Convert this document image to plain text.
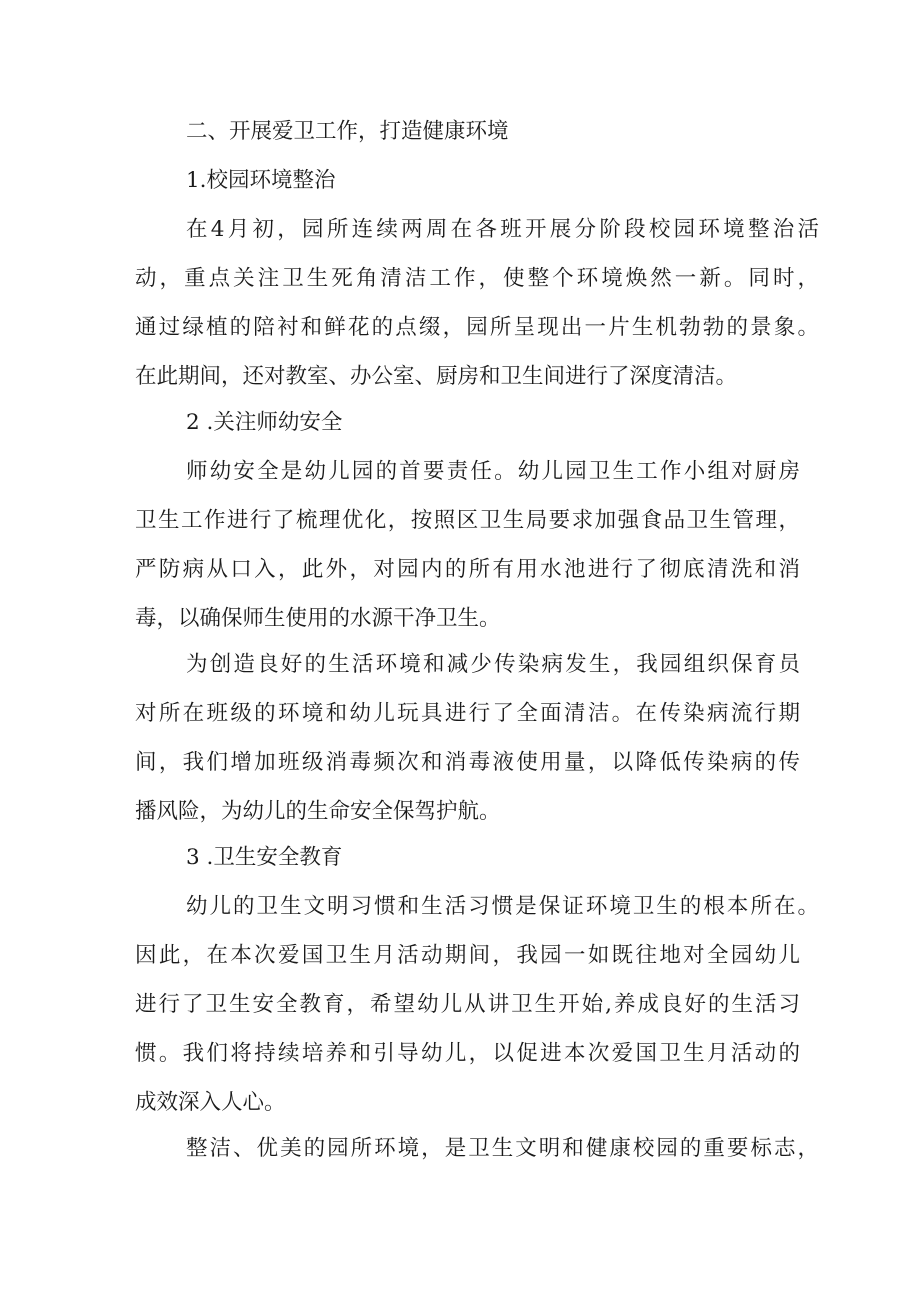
二、开展爱卫工作，打造健康环境
1.校园环境整治
在4月初，园所连续两周在各班开展分阶段校园环境整治活
动，重点关注卫生死角清洁工作，使整个环境焕然一新。同时，
通过绿植的陪衬和鲜花的点缀，园所呈现出一片生机勃勃的景象。
在此期间，还对教室、办公室、厨房和卫生间进行了深度清洁。
2 .关注师幼安全
师幼安全是幼儿园的首要责任。幼儿园卫生工作小组对厨房
卫生工作进行了梳理优化，按照区卫生局要求加强食品卫生管理，
严防病从口入，此外，对园内的所有用水池进行了彻底清洗和消
毒，以确保师生使用的水源干净卫生。
为创造良好的生活环境和减少传染病发生，我园组织保育员
对所在班级的环境和幼儿玩具进行了全面清洁。在传染病流行期
间，我们增加班级消毒频次和消毒液使用量，以降低传染病的传
播风险，为幼儿的生命安全保驾护航。
3 .卫生安全教育
幼儿的卫生文明习惯和生活习惯是保证环境卫生的根本所在。
因此，在本次爱国卫生月活动期间，我园一如既往地对全园幼儿
进行了卫生安全教育，希望幼儿从讲卫生开始,养成良好的生活习
惯。我们将持续培养和引导幼儿，以促进本次爱国卫生月活动的
成效深入人心。
整洁、优美的园所环境，是卫生文明和健康校园的重要标志，
